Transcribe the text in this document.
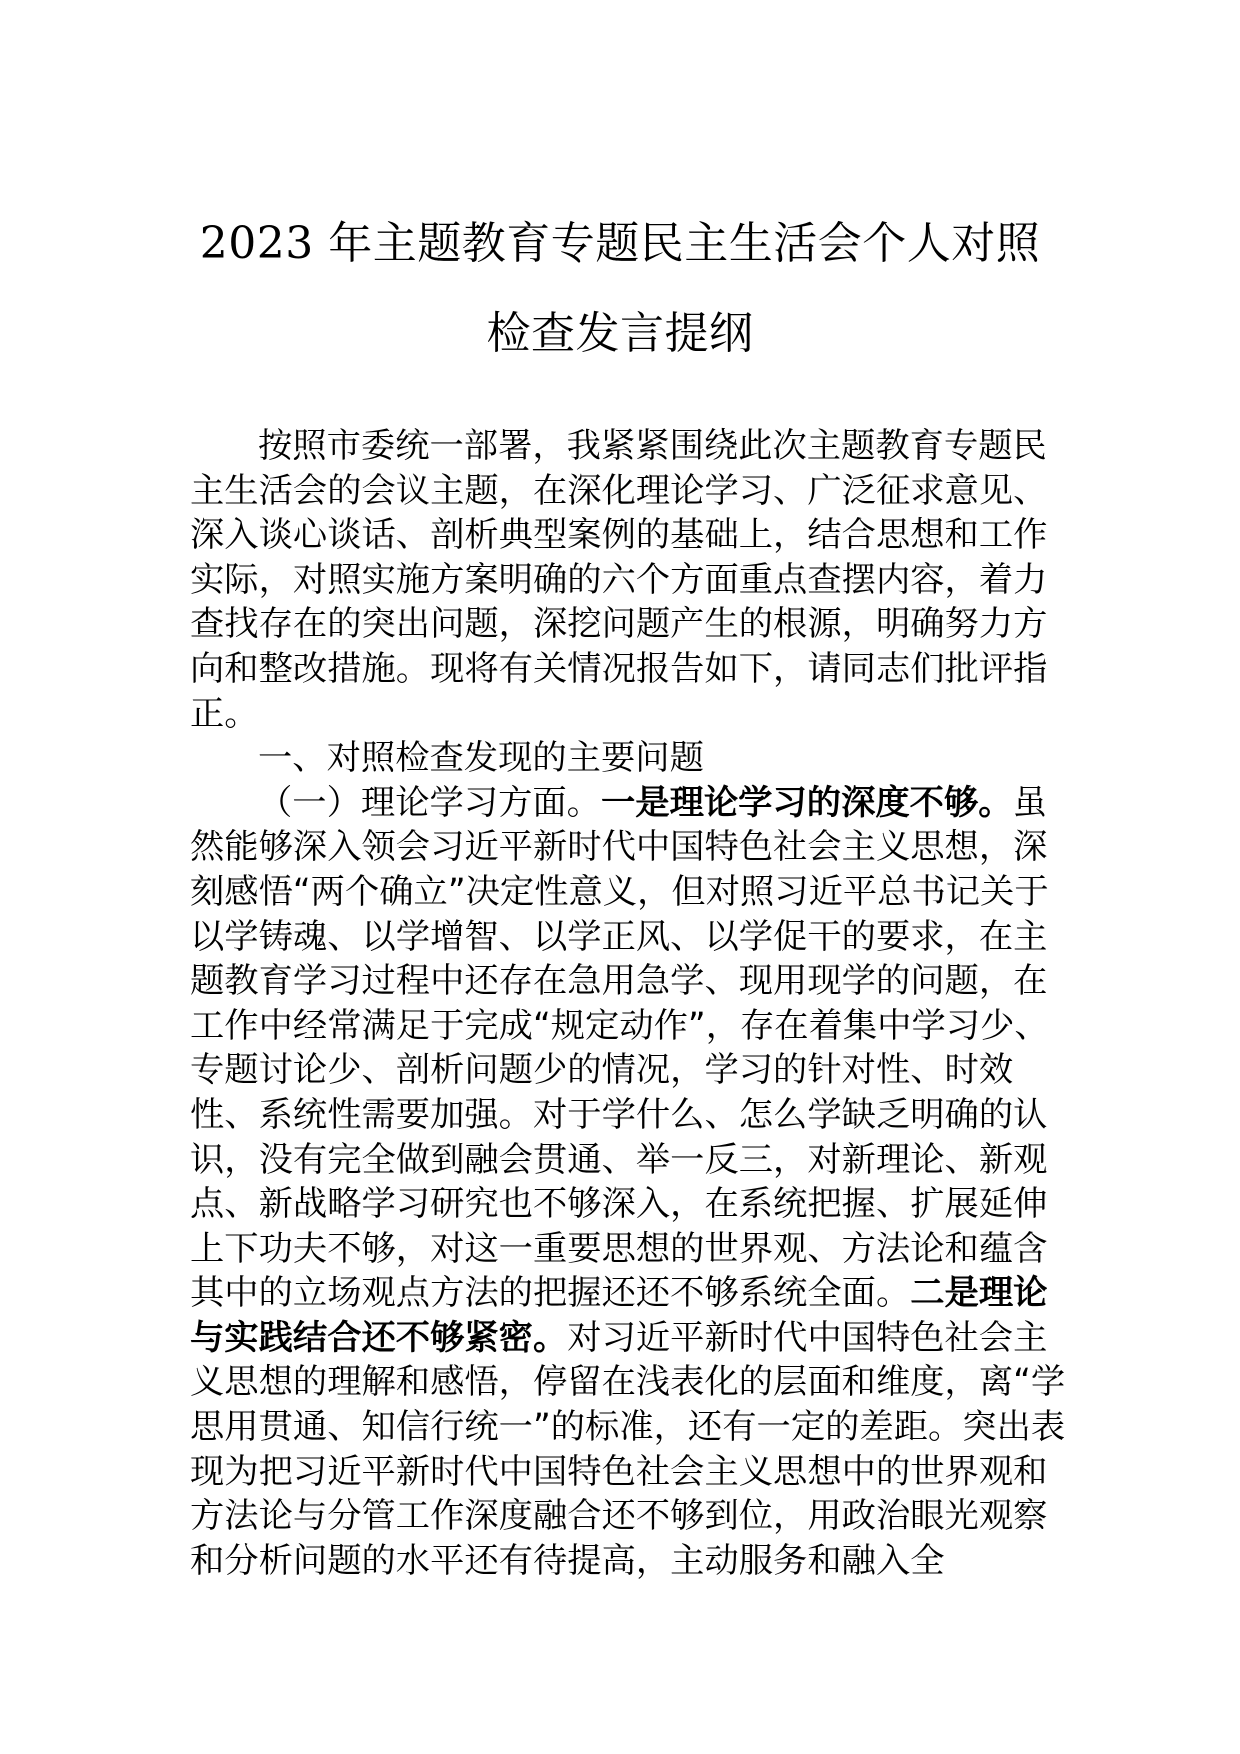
2023 年主题教育专题民主生活会个人对照
检查发言提纲

按照市委统一部署，我紧紧围绕此次主题教育专题民主生活会的会议主题，在深化理论学习、广泛征求意见、深入谈心谈话、剖析典型案例的基础上，结合思想和工作实际，对照实施方案明确的六个方面重点查摆内容，着力查找存在的突出问题，深挖问题产生的根源，明确努力方向和整改措施。现将有关情况报告如下，请同志们批评指正。

一、对照检查发现的主要问题

（一）理论学习方面。一是理论学习的深度不够。虽然能够深入领会习近平新时代中国特色社会主义思想，深刻感悟“两个确立”决定性意义，但对照习近平总书记关于以学铸魂、以学增智、以学正风、以学促干的要求，在主题教育学习过程中还存在急用急学、现用现学的问题，在工作中经常满足于完成“规定动作”，存在着集中学习少、专题讨论少、剖析问题少的情况，学习的针对性、时效性、系统性需要加强。对于学什么、怎么学缺乏明确的认识，没有完全做到融会贯通、举一反三，对新理论、新观点、新战略学习研究也不够深入，在系统把握、扩展延伸上下功夫不够，对这一重要思想的世界观、方法论和蕴含其中的立场观点方法的把握还还不够系统全面。二是理论与实践结合还不够紧密。对习近平新时代中国特色社会主义思想的理解和感悟，停留在浅表化的层面和维度，离“学思用贯通、知信行统一”的标准，还有一定的差距。突出表现为把习近平新时代中国特色社会主义思想中的世界观和方法论与分管工作深度融合还不够到位，用政治眼光观察和分析问题的水平还有待提高，主动服务和融入全
